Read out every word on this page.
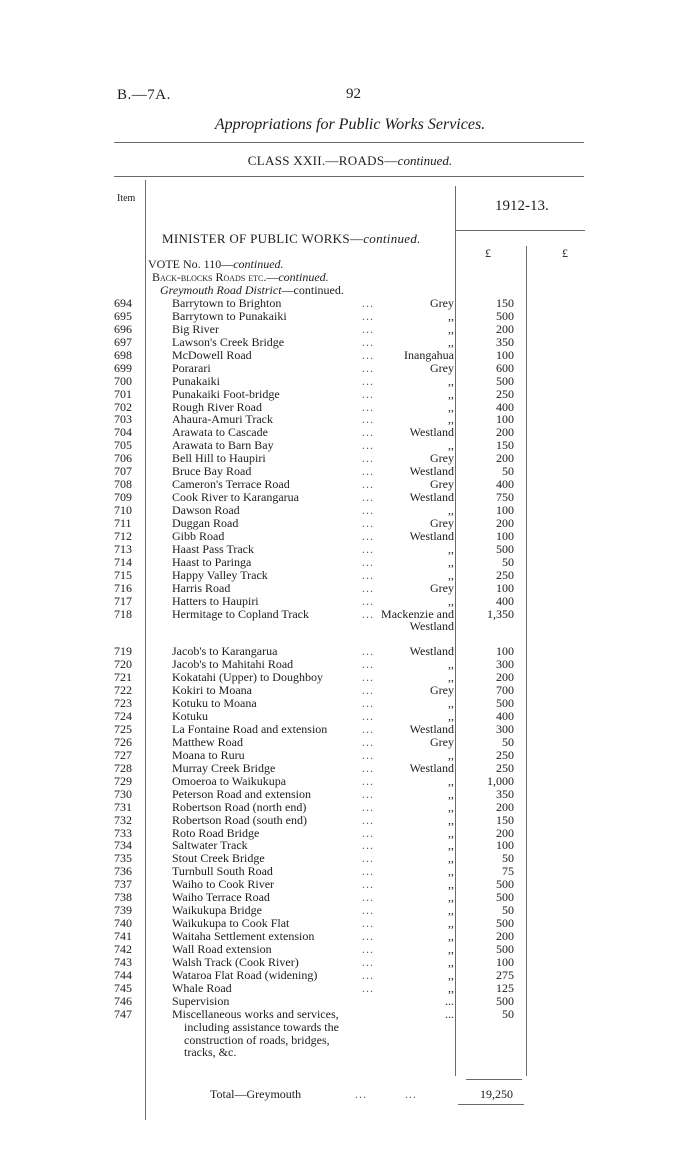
B.—7A.	92
Appropriations for Public Works Services.
CLASS XXII.—ROADS—continued.
Item	1912-13.
MINISTER OF PUBLIC WORKS—continued.
£	£
VOTE No. 110—continued.
Back-blocks Roads etc.—continued.
Greymouth Road District—continued.
694	Barrytown to Brighton	...	Grey	150
695	Barrytown to Punakaiki	...	,,	500
696	Big River	...	,,	200
697	Lawson's Creek Bridge	...	,,	350
698	McDowell Road	...	Inangahua	100
699	Porarari	...	Grey	600
700	Punakaiki	...	,,	500
701	Punakaiki Foot-bridge	...	,,	250
702	Rough River Road	...	,,	400
703	Ahaura-Amuri Track	...	,,	100
704	Arawata to Cascade	...	Westland	200
705	Arawata to Barn Bay	...	,,	150
706	Bell Hill to Haupiri	...	Grey	200
707	Bruce Bay Road	...	Westland	50
708	Cameron's Terrace Road	...	Grey	400
709	Cook River to Karangarua	...	Westland	750
710	Dawson Road	...	,,	100
711	Duggan Road	...	Grey	200
712	Gibb Road	...	Westland	100
713	Haast Pass Track	...	,,	500
714	Haast to Paringa	...	,,	50
715	Happy Valley Track	...	,,	250
716	Harris Road	...	Grey	100
717	Hatters to Haupiri	...	,,	400
718	Hermitage to Copland Track	... Mackenzie and	1,350
Westland
719	Jacob's to Karangarua	...	Westland	100
720	Jacob's to Mahitahi Road	...	,,	300
721	Kokatahi (Upper) to Doughboy	...	,,	200
722	Kokiri to Moana	...	Grey	700
723	Kotuku to Moana	...	,,	500
724	Kotuku	...	,,	400
725	La Fontaine Road and extension	...	Westland	300
726	Matthew Road	...	Grey	50
727	Moana to Ruru	...	,,	250
728	Murray Creek Bridge	...	Westland	250
729	Omoeroa to Waikukupa	...	,,	1,000
730	Peterson Road and extension	...	,,	350
731	Robertson Road (north end)	...	,,	200
732	Robertson Road (south end)	...	,,	150
733	Roto Road Bridge	...	,,	200
734	Saltwater Track	...	,,	100
735	Stout Creek Bridge	...	,,	50
736	Turnbull South Road	...	,,	75
737	Waiho to Cook River	...	,,	500
738	Waiho Terrace Road	...	,,	500
739	Waikukupa Bridge	...	,,	50
740	Waikukupa to Cook Flat	...	,,	500
741	Waitaha Settlement extension	...	,,	200
742	Wall Road extension	...	,,	500
743	Walsh Track (Cook River)	...	,,	100
744	Wataroa Flat Road (widening)	...	,,	275
745	Whale Road	...	,,	125
746	Supervision	...	500
747	Miscellaneous works and services,	...	50
including assistance towards the
construction of roads, bridges,
tracks, &c.
Total—Greymouth	...	...	19,250
